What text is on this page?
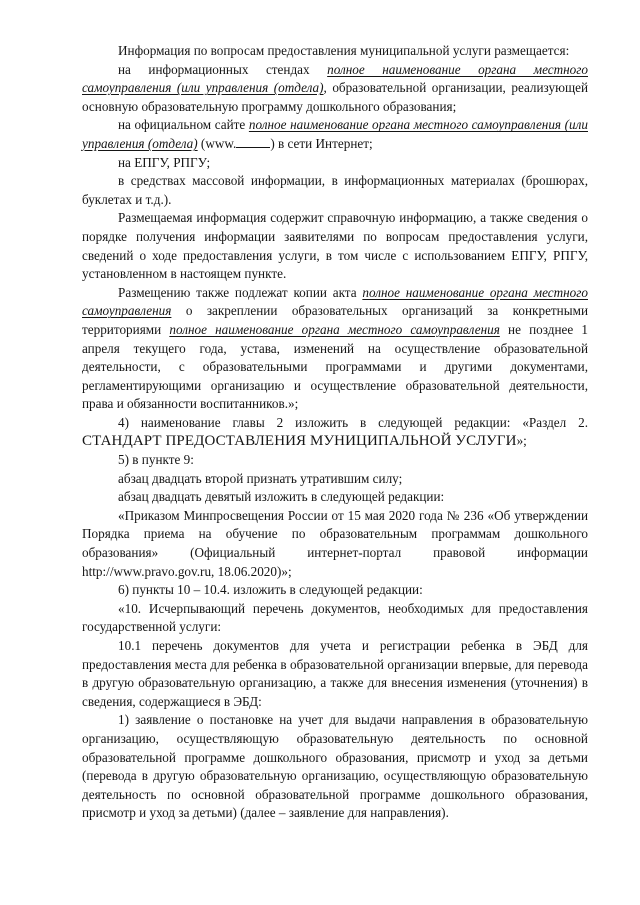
Информация по вопросам предоставления муниципальной услуги размещается:

на информационных стендах полное наименование органа местного самоуправления (или управления (отдела), образовательной организации, реализующей основную образовательную программу дошкольного образования;

на официальном сайте полное наименование органа местного самоуправления (или управления (отдела) (www.	) в сети Интернет;

на ЕПГУ, РПГУ;

в средствах массовой информации, в информационных материалах (брошюрах, буклетах и т.д.).

Размещаемая информация содержит справочную информацию, а также сведения о порядке получения информации заявителями по вопросам предоставления услуги, сведений о ходе предоставления услуги, в том числе с использованием ЕПГУ, РПГУ, установленном в настоящем пункте.

Размещению также подлежат копии акта полное наименование органа местного самоуправления о закреплении образовательных организаций за конкретными территориями полное наименование органа местного самоуправления не позднее 1 апреля текущего года, устава, изменений на осуществление образовательной деятельности, с образовательными программами и другими документами, регламентирующими организацию и осуществление образовательной деятельности, права и обязанности воспитанников.»;

4) наименование главы 2 изложить в следующей редакции: «Раздел 2. СТАНДАРТ ПРЕДОСТАВЛЕНИЯ МУНИЦИПАЛЬНОЙ УСЛУГИ»;

5) в пункте 9:

абзац двадцать второй признать утратившим силу;

абзац двадцать девятый изложить в следующей редакции:

«Приказом Минпросвещения России от 15 мая 2020 года № 236 «Об утверждении Порядка приема на обучение по образовательным программам дошкольного образования» (Официальный интернет-портал правовой информации http://www.pravo.gov.ru, 18.06.2020)»;

6) пункты 10 – 10.4. изложить в следующей редакции:

«10. Исчерпывающий перечень документов, необходимых для предоставления государственной услуги:

10.1 перечень документов для учета и регистрации ребенка в ЭБД для предоставления места для ребенка в образовательной организации впервые, для перевода в другую образовательную организацию, а также для внесения изменения (уточнения) в сведения, содержащиеся в ЭБД:

1) заявление о постановке на учет для выдачи направления в образовательную организацию, осуществляющую образовательную деятельность по основной образовательной программе дошкольного образования, присмотр и уход за детьми (перевода в другую образовательную организацию, осуществляющую образовательную деятельность по основной образовательной программе дошкольного образования, присмотр и уход за детьми) (далее – заявление для направления).
